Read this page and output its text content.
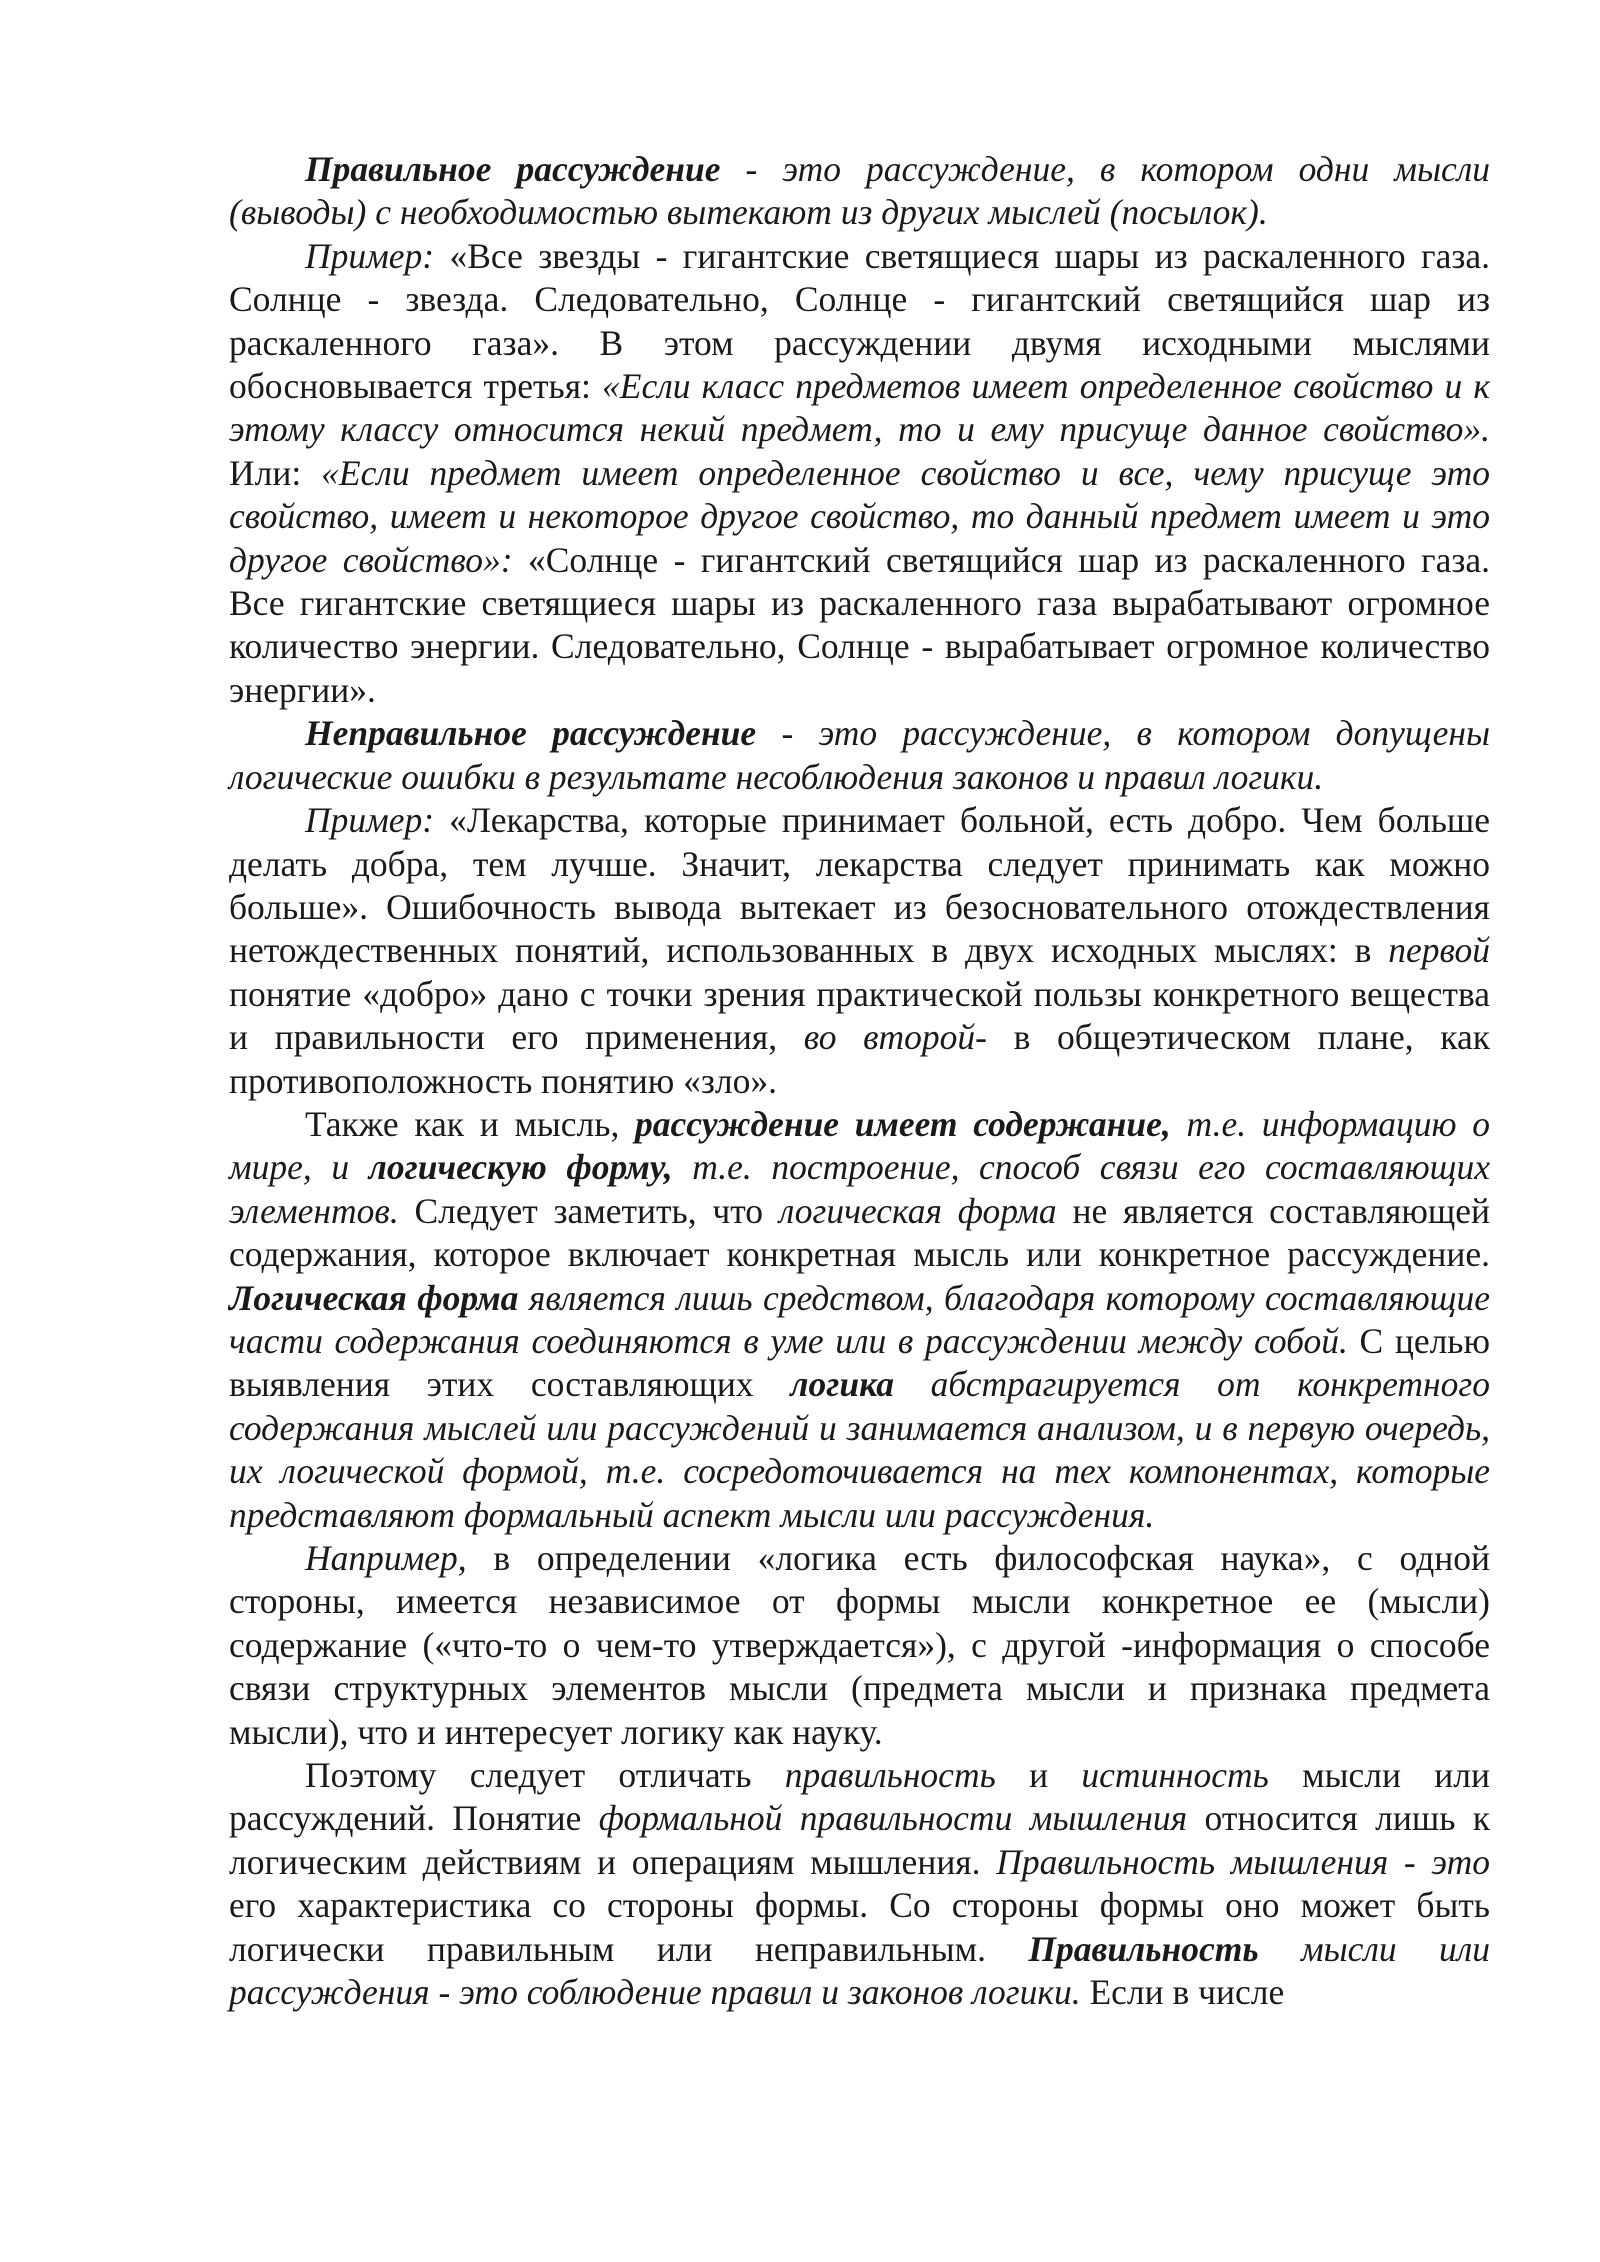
Правильное рассуждение - это рассуждение, в котором одни мысли (выводы) с необходимостью вытекают из других мыслей (посылок).

Пример: «Все звезды - гигантские светящиеся шары из раскаленного газа. Солнце - звезда. Следовательно, Солнце - гигантский светящийся шар из раскаленного газа». В этом рассуждении двумя исходными мыслями обосновывается третья: «Если класс предметов имеет определенное свойство и к этому классу относится некий предмет, то и ему присуще данное свойство». Или: «Если предмет имеет определенное свойство и все, чему присуще это свойство, имеет и некоторое другое свойство, то данный предмет имеет и это другое свойство»: «Солнце - гигантский светящийся шар из раскаленного газа. Все гигантские светящиеся шары из раскаленного газа вырабатывают огромное количество энергии. Следовательно, Солнце - вырабатывает огромное количество энергии».

Неправильное рассуждение - это рассуждение, в котором допущены логические ошибки в результате несоблюдения законов и правил логики.

Пример: «Лекарства, которые принимает больной, есть добро. Чем больше делать добра, тем лучше. Значит, лекарства следует принимать как можно больше». Ошибочность вывода вытекает из безосновательного отождествления нетождественных понятий, использованных в двух исходных мыслях: в первой понятие «добро» дано с точки зрения практической пользы конкретного вещества и правильности его применения, во второй- в общеэтическом плане, как противоположность понятию «зло».

Также как и мысль, рассуждение имеет содержание, т.е. информацию о мире, и логическую форму, т.е. построение, способ связи его составляющих элементов. Следует заметить, что логическая форма не является составляющей содержания, которое включает конкретная мысль или конкретное рассуждение. Логическая форма является лишь средством, благодаря которому составляющие части содержания соединяются в уме или в рассуждении между собой. С целью выявления этих составляющих логика абстрагируется от конкретного содержания мыслей или рассуждений и занимается анализом, и в первую очередь, их логической формой, т.е. сосредоточивается на тех компонентах, которые представляют формальный аспект мысли или рассуждения.

Например, в определении «логика есть философская наука», с одной стороны, имеется независимое от формы мысли конкретное ее (мысли) содержание («что-то о чем-то утверждается»), с другой -информация о способе связи структурных элементов мысли (предмета мысли и признака предмета мысли), что и интересует логику как науку.

Поэтому следует отличать правильность и истинность мысли или рассуждений. Понятие формальной правильности мышления относится лишь к логическим действиям и операциям мышления. Правильность мышления - это его характеристика со стороны формы. Со стороны формы оно может быть логически правильным или неправильным. Правильность мысли или рассуждения - это соблюдение правил и законов логики. Если в числе
